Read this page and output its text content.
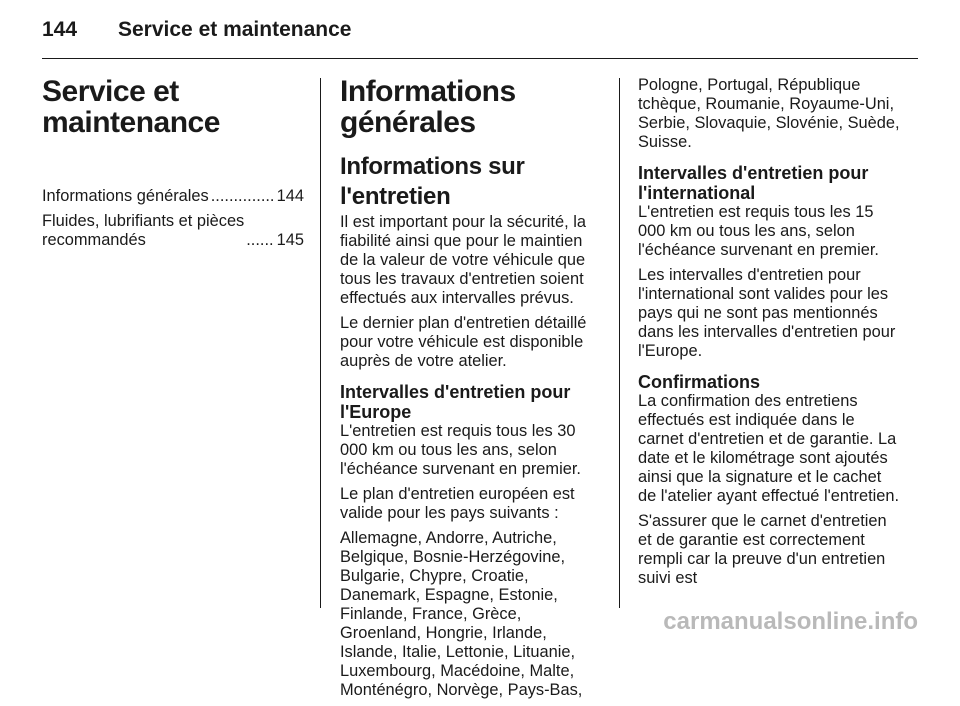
144 Service et maintenance
Service et maintenance
Informations générales .....	144
Fluides, lubrifiants et pièces
recommandés .....	145
Informations générales
Informations sur l'entretien

Il est important pour la sécurité, la fiabilité ainsi que pour le maintien de la valeur de votre véhicule que tous les travaux d'entretien soient effectués aux intervalles prévus.

Le dernier plan d'entretien détaillé pour votre véhicule est disponible auprès de votre atelier.

Intervalles d'entretien pour l'Europe

L'entretien est requis tous les 30 000 km ou tous les ans, selon l'échéance survenant en premier.

Le plan d'entretien européen est valide pour les pays suivants :

Allemagne, Andorre, Autriche, Belgique, Bosnie-Herzégovine, Bulgarie, Chypre, Croatie, Danemark, Espagne, Estonie, Finlande, France, Grèce, Groenland, Hongrie, Irlande, Islande, Italie, Lettonie, Lituanie, Luxembourg, Macédoine, Malte, Monténégro, Norvège, Pays-Bas,

Pologne, Portugal, République tchèque, Roumanie, Royaume-Uni, Serbie, Slovaquie, Slovénie, Suède, Suisse.

Intervalles d'entretien pour l'international

L'entretien est requis tous les 15 000 km ou tous les ans, selon l'échéance survenant en premier.

Les intervalles d'entretien pour l'international sont valides pour les pays qui ne sont pas mentionnés dans les intervalles d'entretien pour l'Europe.

Confirmations

La confirmation des entretiens effectués est indiquée dans le carnet d'entretien et de garantie. La date et le kilométrage sont ajoutés ainsi que la signature et le cachet de l'atelier ayant effectué l'entretien.

S'assurer que le carnet d'entretien et de garantie est correctement rempli car la preuve d'un entretien suivi est

carmanualsonline.info
